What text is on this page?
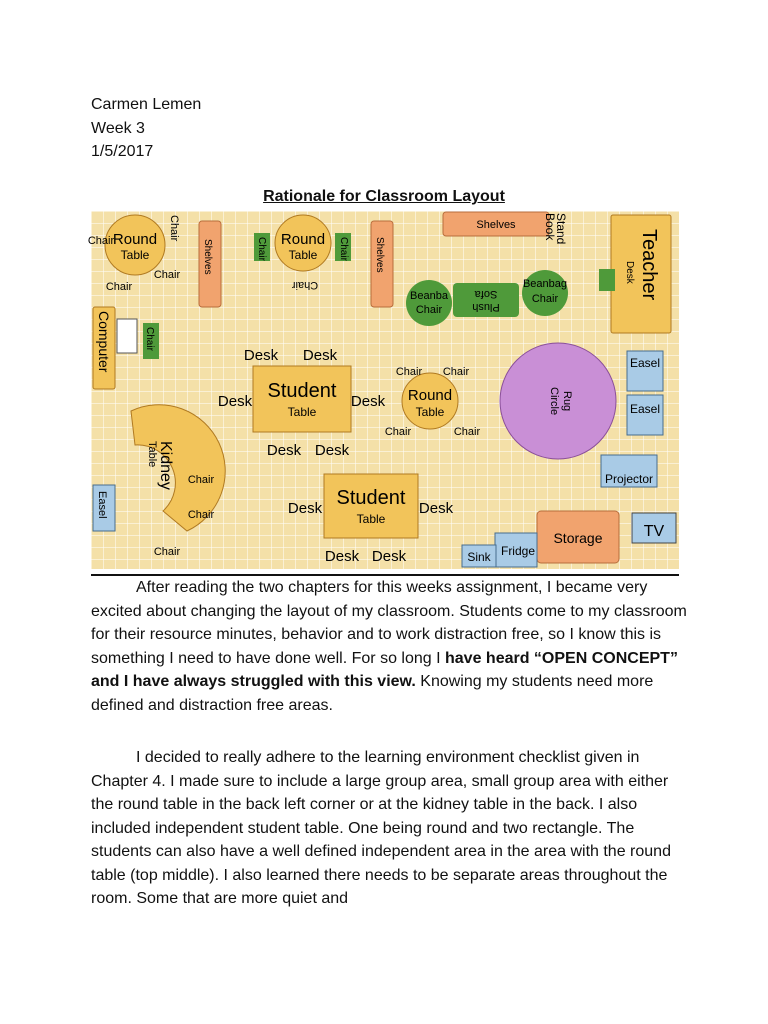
Carmen Lemen
Week 3
1/5/2017
Rationale for Classroom Layout
Shelves Book
Stand
Teacher
Desk
Round
Table
Chair
Chair
Chair
Chair
Shelves	Round
Table
Chair	Chair
Chair
Shelves
Beanba
Chair
Sofa
Plush
Beanbag
Chair
Computer	Chair
Student
Table
Desk Desk
Desk	Desk
Desk Desk
Round
Table
Chair Chair
Chair	Chair
Circle Rug
Easel
Easel
Kidney
Table
Chair
Chair
Chair
Easel	Student
Table
Desk	Desk
Desk Desk
Projector
Storage	TV
Fridge
Sink

After reading the two chapters for this weeks assignment, I became very excited about changing the layout of my classroom. Students come to my classroom for their resource minutes, behavior and to work distraction free, so I know this is something I need to have done well. For so long I have heard “OPEN CONCEPT” and I have always struggled with this view. Knowing my students need more defined and distraction free areas.

I decided to really adhere to the learning environment checklist given in Chapter 4. I made sure to include a large group area, small group area with either the round table in the back left corner or at the kidney table in the back. I also included independent student table. One being round and two rectangle. The students can also have a well defined independent area in the area with the round table (top middle). I also learned there needs to be separate areas throughout the room. Some that are more quiet and
